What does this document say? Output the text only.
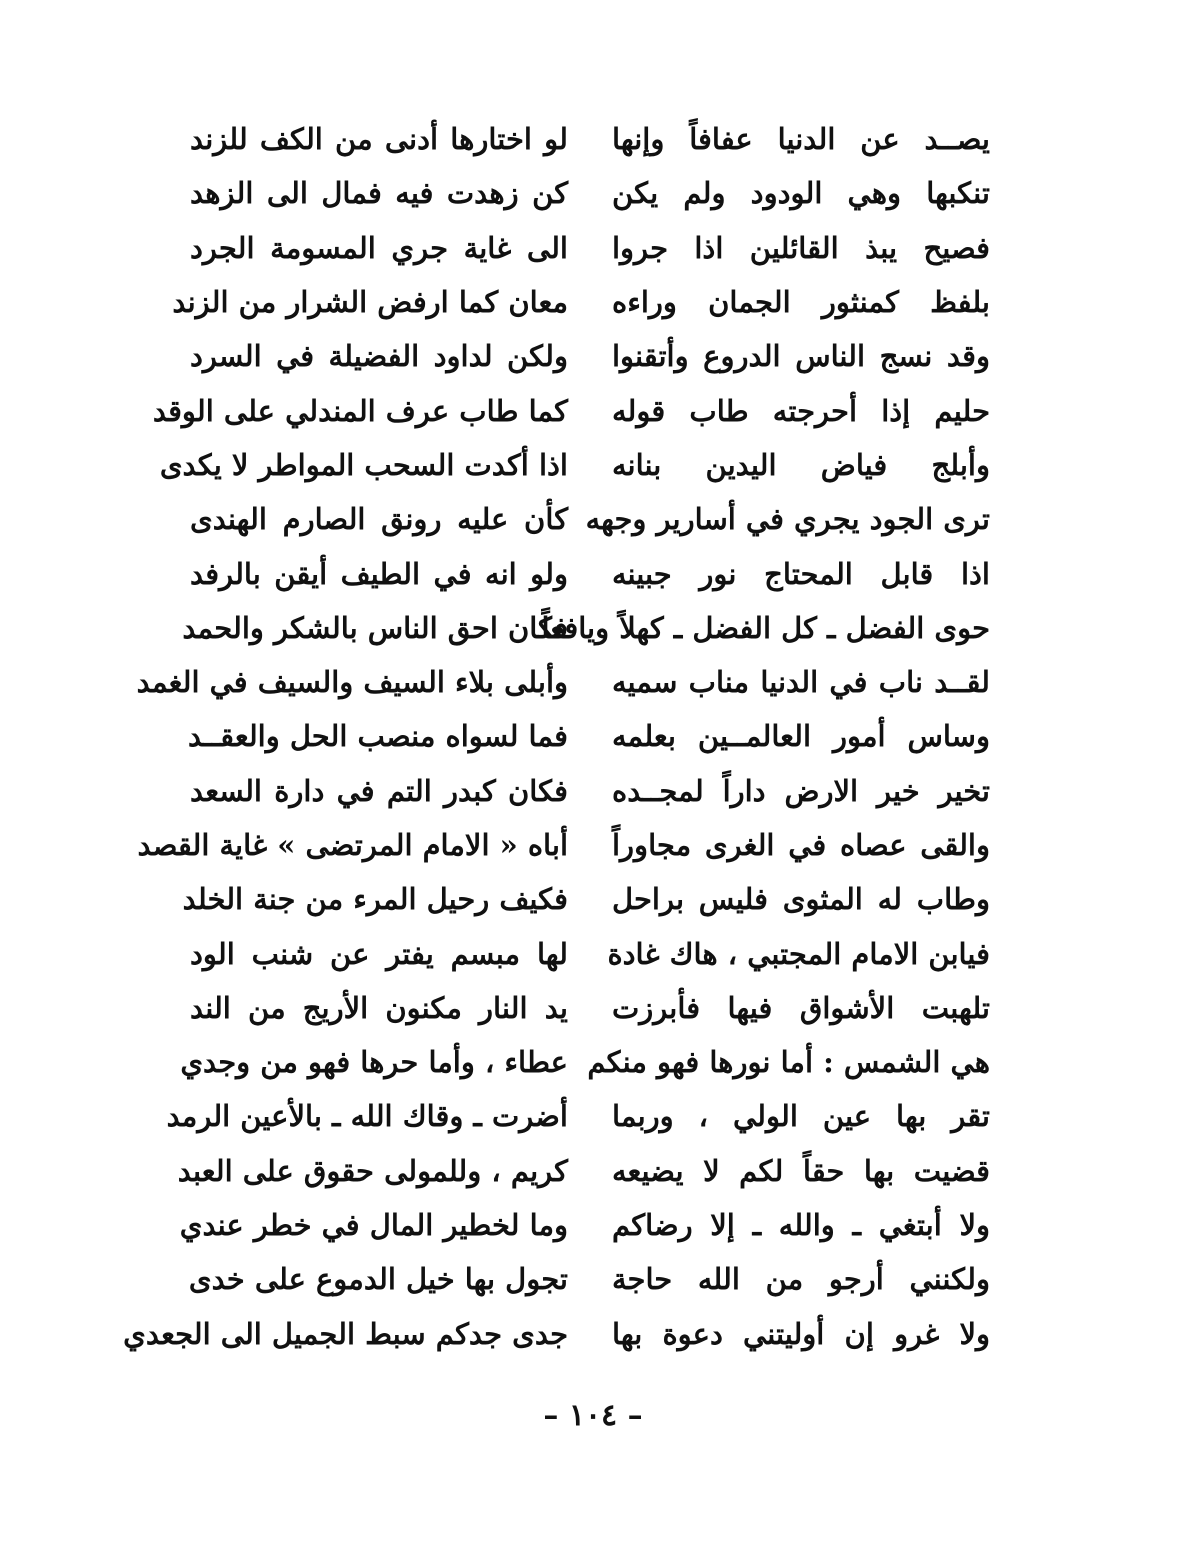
يصــد عن الدنيا عفافاً وإنها
لو اختارها أدنى من الكف للزند
تنكبها وهي الودود ولم يكن
كن زهدت فيه فمال الى الزهد
فصيح يبذ القائلين اذا جروا
الى غاية جري المسومة الجرد
بلفظ كمنثور الجمان وراءه
معان كما ارفض الشرار من الزند
وقد نسج الناس الدروع وأتقنوا
ولكن لداود الفضيلة في السرد
حليم إذا أحرجته طاب قوله
كما طاب عرف المندلي على الوقد
وأبلج فياض اليدين بنانه
اذا أكدت السحب المواطر لا يكدى
ترى الجود يجري في أسارير وجهه
كأن عليه رونق الصارم الهندى
اذا قابل المحتاج نور جبينه
ولو انه في الطيف أيقن بالرفد
حوى الفضل ـ كل الفضل ـ كهلاً ويافعاً
فكان احق الناس بالشكر والحمد
لقــد ناب في الدنيا مناب سميه
وأبلى بلاء السيف والسيف في الغمد
وساس أمور العالمــين بعلمه
فما لسواه منصب الحل والعقــد
تخير خير الارض داراً لمجــده
فكان كبدر التم في دارة السعد
والقى عصاه في الغرى مجاوراً
أباه « الامام المرتضى » غاية القصد
وطاب له المثوى فليس براحل
فكيف رحيل المرء من جنة الخلد
فيابن الامام المجتبي ، هاك غادة
لها مبسم يفتر عن شنب الود
تلهبت الأشواق فيها فأبرزت
يد النار مكنون الأريج من الند
هي الشمس : أما نورها فهو منكم
عطاء ، وأما حرها فهو من وجدي
تقر بها عين الولي ، وربما
أضرت ـ وقاك الله ـ بالأعين الرمد
قضيت بها حقاً لكم لا يضيعه
كريم ، وللمولى حقوق على العبد
ولا أبتغي ـ والله ـ إلا رضاكم
وما لخطير المال في خطر عندي
ولكنني أرجو من الله حاجة
تجول بها خيل الدموع على خدى
ولا غرو إن أوليتني دعوة بها
جدى جدكم سبط الجميل الى الجعدي
– ١٠٤ –
